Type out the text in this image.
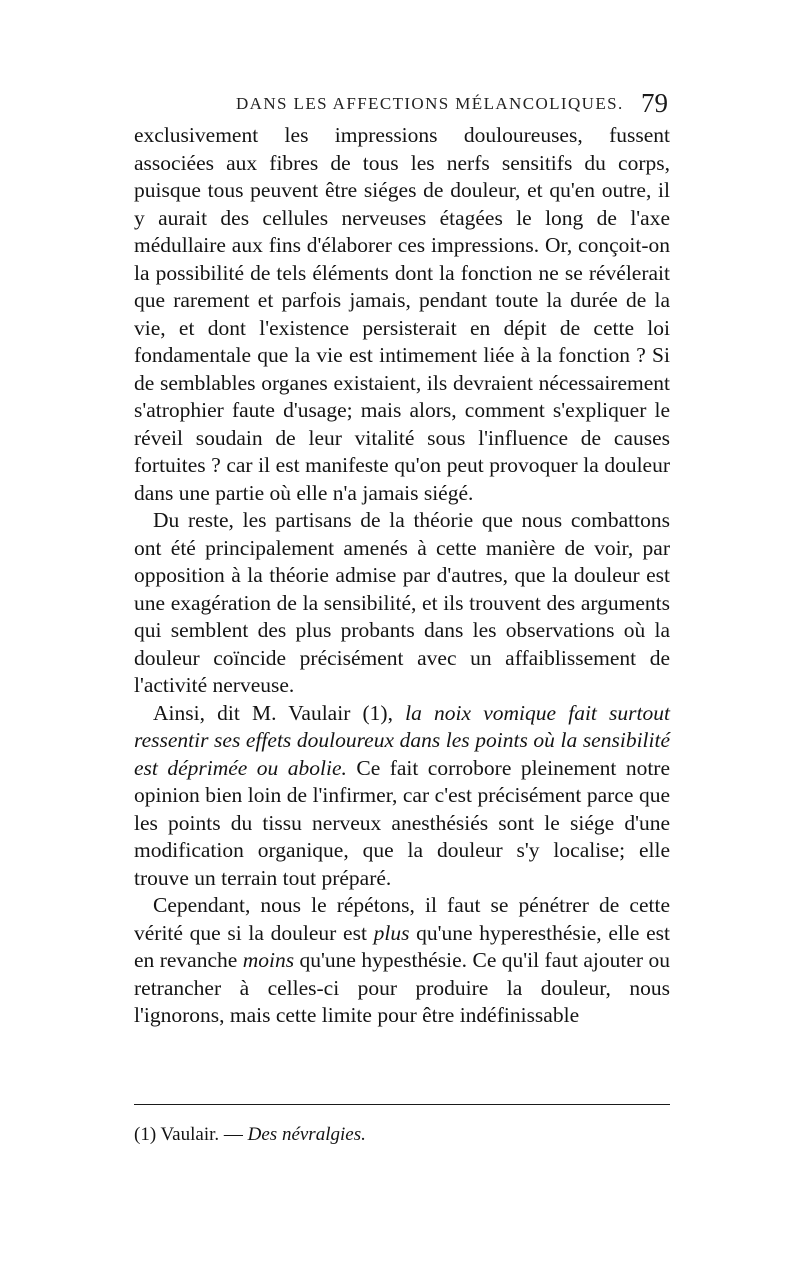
DANS LES AFFECTIONS MÉLANCOLIQUES. 79

exclusivement les impressions douloureuses, fussent associées aux fibres de tous les nerfs sensitifs du corps, puisque tous peuvent être siéges de douleur, et qu'en outre, il y aurait des cellules nerveuses étagées le long de l'axe médullaire aux fins d'élaborer ces impressions. Or, conçoit-on la possibilité de tels éléments dont la fonction ne se révélerait que rarement et parfois jamais, pendant toute la durée de la vie, et dont l'existence persisterait en dépit de cette loi fondamentale que la vie est intimement liée à la fonction ? Si de semblables organes existaient, ils devraient nécessairement s'atrophier faute d'usage; mais alors, comment s'expliquer le réveil soudain de leur vitalité sous l'influence de causes fortuites ? car il est manifeste qu'on peut provoquer la douleur dans une partie où elle n'a jamais siégé.

Du reste, les partisans de la théorie que nous combattons ont été principalement amenés à cette manière de voir, par opposition à la théorie admise par d'autres, que la douleur est une exagération de la sensibilité, et ils trouvent des arguments qui semblent des plus probants dans les observations où la douleur coïncide précisément avec un affaiblissement de l'activité nerveuse.

Ainsi, dit M. Vaulair (1), la noix vomique fait surtout ressentir ses effets douloureux dans les points où la sensibilité est déprimée ou abolie. Ce fait corrobore pleinement notre opinion bien loin de l'infirmer, car c'est précisément parce que les points du tissu nerveux anesthésiés sont le siége d'une modification organique, que la douleur s'y localise; elle trouve un terrain tout préparé.

Cependant, nous le répétons, il faut se pénétrer de cette vérité que si la douleur est plus qu'une hyperesthésie, elle est en revanche moins qu'une hypesthésie. Ce qu'il faut ajouter ou retrancher à celles-ci pour produire la douleur, nous l'ignorons, mais cette limite pour être indéfinissable

(1) Vaulair. — Des névralgies.
